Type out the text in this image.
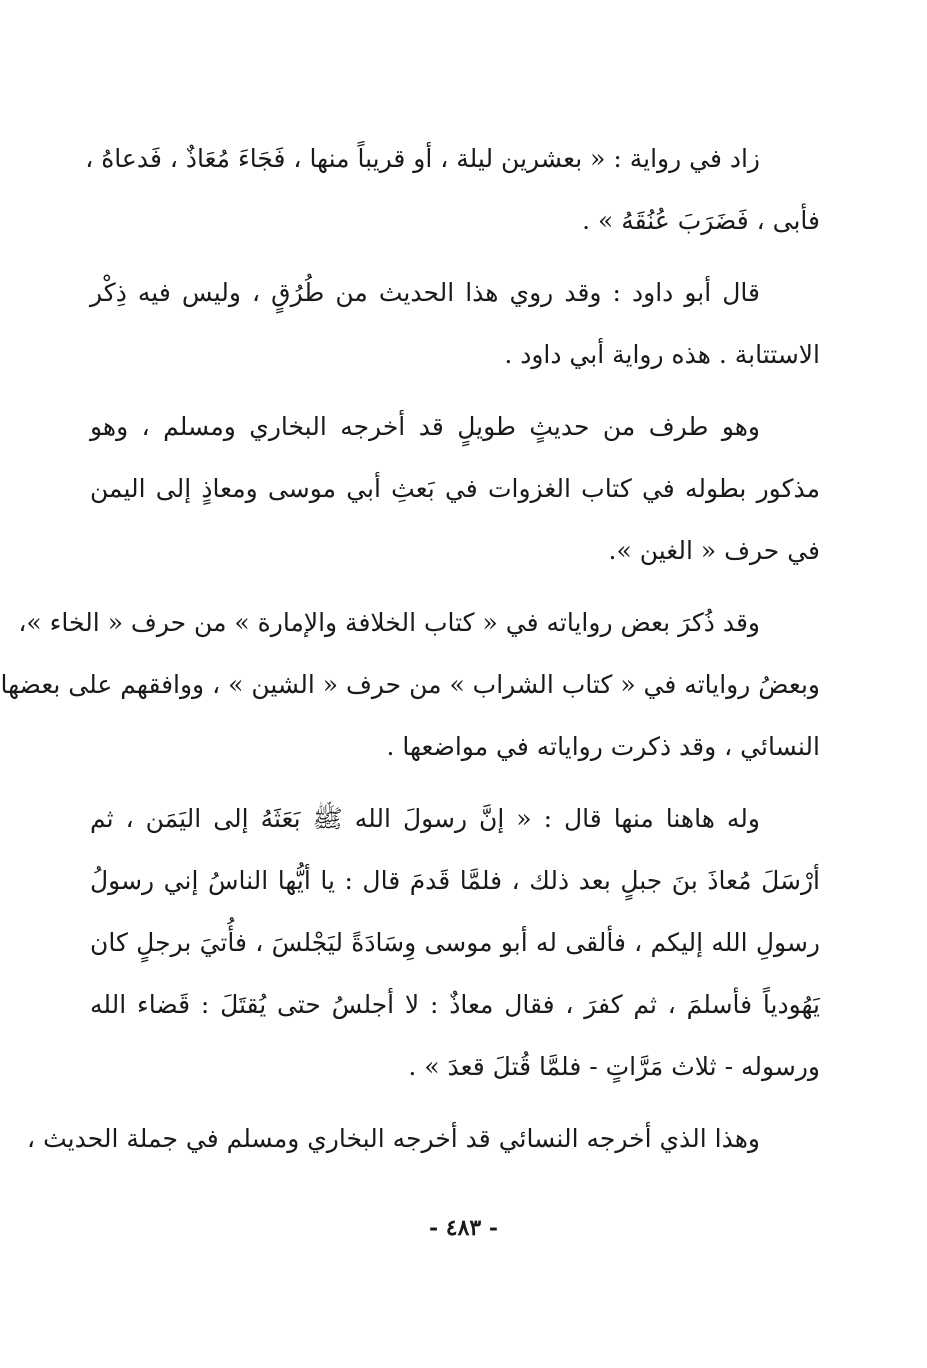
زاد في رواية : « بعشرين ليلة ، أو قريباً منها ، فَجَاءَ مُعَاذٌ ، فَدعاهُ ،
فأبى ، فَضَرَبَ عُنُقَهُ » .
قال أبو داود : وقد روي هذا الحديث من طُرُقٍ ، وليس فيه ذِكْر
الاستتابة . هذه رواية أبي داود .
وهو طرف من حديثٍ طويلٍ قد أخرجه البخاري ومسلم ، وهو
مذكور بطوله في كتاب الغزوات في بَعثِ أبي موسى ومعاذٍ إلى اليمن
في حرف « الغين ».
وقد ذُكرَ بعض رواياته في « كتاب الخلافة والإمارة » من حرف « الخاء »،
وبعضُ رواياته في « كتاب الشراب » من حرف « الشين » ، ووافقهم على بعضها
النسائي ، وقد ذكرت رواياته في مواضعها .
وله هاهنا منها قال : « إنَّ رسولَ الله ﷺ بَعَثَهُ إلى اليَمَن ، ثم
أرْسَلَ مُعاذَ بنَ جبلٍ بعد ذلك ، فلمَّا قَدمَ قال : يا أيُّها الناسُ إني رسولُ
رسولِ الله إليكم ، فألقى له أبو موسى وِسَادَةً ليَجْلسَ ، فأُتيَ برجلٍ كان
يَهُودياً فأسلمَ ، ثم كفرَ ، فقال معاذٌ : لا أجلسُ حتى يُقتَلَ : قَضاء الله
ورسوله - ثلاث مَرَّاتٍ - فلمَّا قُتلَ قعدَ » .
وهذا الذي أخرجه النسائي قد أخرجه البخاري ومسلم في جملة الحديث ،
- ٤٨٣ -
